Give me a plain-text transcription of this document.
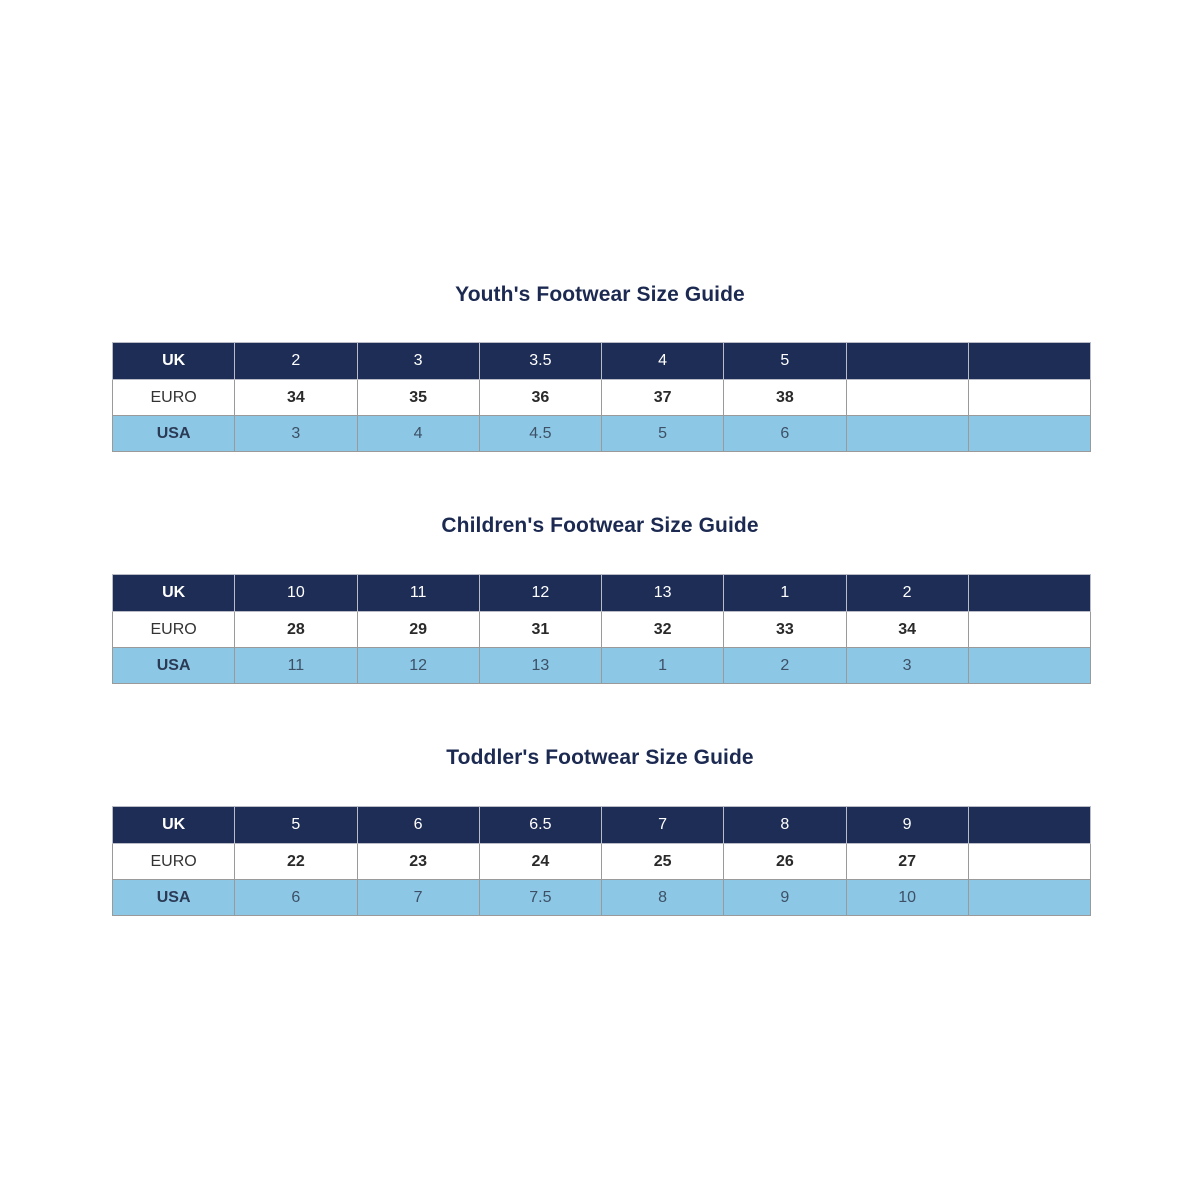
Youth's Footwear Size Guide
UK	2	3	3.5	4	5		
EURO	34	35	36	37	38		
USA	3	4	4.5	5	6		
Children's Footwear Size Guide
UK	10	11	12	13	1	2	
EURO	28	29	31	32	33	34	
USA	11	12	13	1	2	3	
Toddler's Footwear Size Guide
UK	5	6	6.5	7	8	9	
EURO	22	23	24	25	26	27	
USA	6	7	7.5	8	9	10	
